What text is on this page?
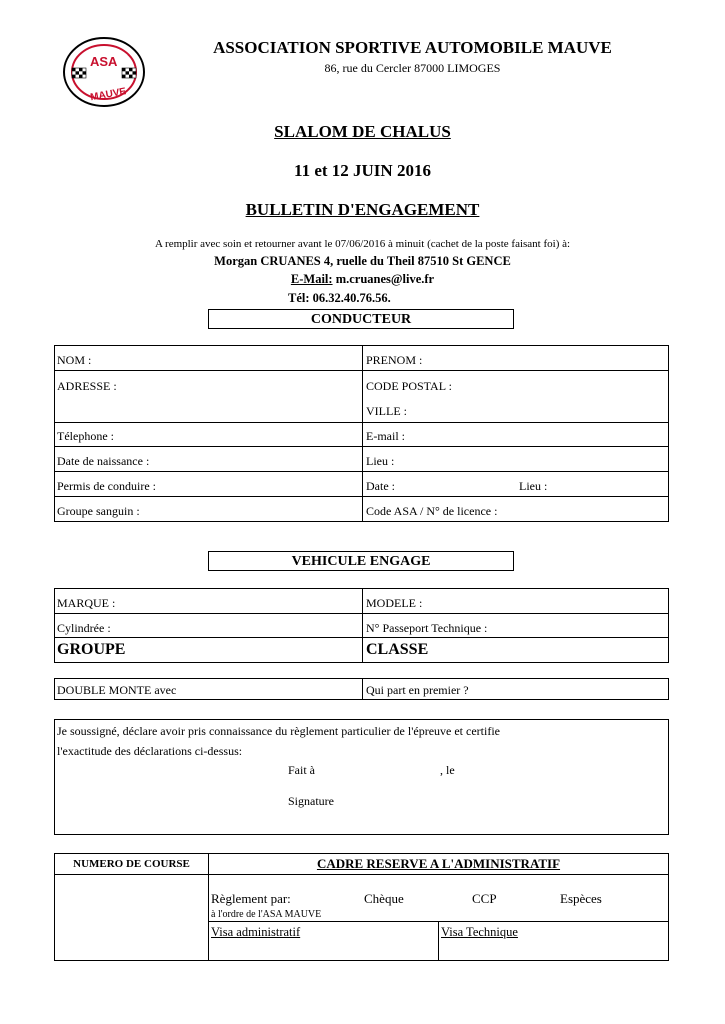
ASA
MAUVE
ASSOCIATION SPORTIVE AUTOMOBILE MAUVE
86, rue du Cercler 87000 LIMOGES
SLALOM DE CHALUS
11 et 12 JUIN 2016
BULLETIN D'ENGAGEMENT
A remplir avec soin et retourner avant le 07/06/2016 à minuit (cachet de la poste faisant foi) à:
Morgan CRUANES 4, ruelle du Theil 87510 St GENCE
E-Mail: m.cruanes@live.fr
Tél: 06.32.40.76.56.
CONDUCTEUR
NOM :	PRENOM :
ADRESSE :	CODE POSTAL :
VILLE :
Télephone :	E-mail :
Date de naissance :	Lieu :
Permis de conduire :	Date :	Lieu :
Groupe sanguin :	Code ASA / N° de licence :
VEHICULE ENGAGE
MARQUE :	MODELE :
Cylindrée :	N° Passeport Technique :
GROUPE	CLASSE
DOUBLE MONTE avec	Qui part en premier ?
Je soussigné, déclare avoir pris connaissance du règlement particulier de l'épreuve et certifie
l'exactitude des déclarations ci-dessus:
Fait à	, le
Signature
NUMERO DE COURSE	CADRE RESERVE A L'ADMINISTRATIF
Règlement par:	Chèque	CCP	Espèces
à l'ordre de l'ASA MAUVE
Visa administratif	Visa Technique
